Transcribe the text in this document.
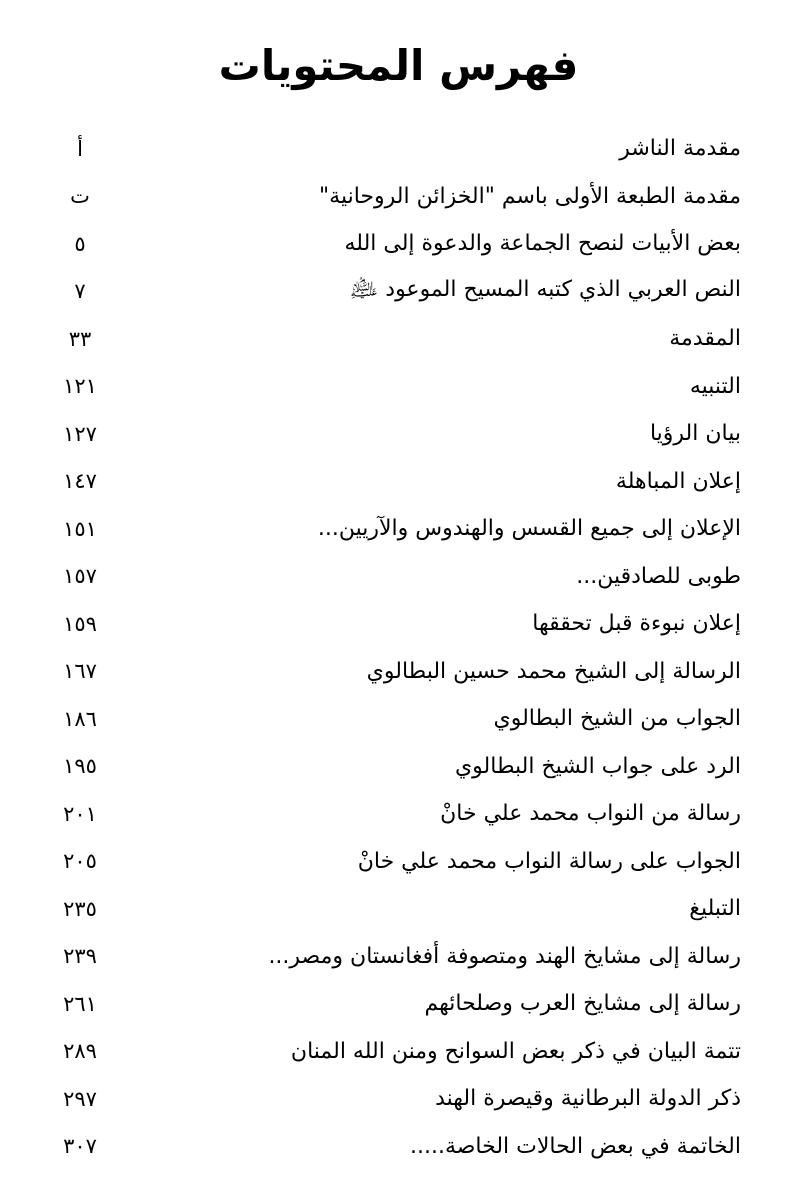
فهرس المحتويات
مقدمة الناشر
أ
مقدمة الطبعة الأولى باسم "الخزائن الروحانية"
ت
بعض الأبيات لنصح الجماعة والدعوة إلى الله
٥
النص العربي الذي كتبه المسيح الموعود ﵇
٧
المقدمة
٣٣
التنبيه
١٢١
بيان الرؤيا
١٢٧
إعلان المباهلة
١٤٧
الإعلان إلى جميع القسس والهندوس والآريين...
١٥١
طوبى للصادقين...
١٥٧
إعلان نبوءة قبل تحققها
١٥٩
الرسالة إلى الشيخ محمد حسين البطالوي
١٦٧
الجواب من الشيخ البطالوي
١٨٦
الرد على جواب الشيخ البطالوي
١٩٥
رسالة من النواب محمد علي خانْ
٢٠١
الجواب على رسالة النواب محمد علي خانْ
٢٠٥
التبليغ
٢٣٥
رسالة إلى مشايخ الهند ومتصوفة أفغانستان ومصر...
٢٣٩
رسالة إلى مشايخ العرب وصلحائهم
٢٦١
تتمة البيان في ذكر بعض السوانح ومنن الله المنان
٢٨٩
ذكر الدولة البرطانية وقيصرة الهند
٢٩٧
الخاتمة في بعض الحالات الخاصة.....
٣٠٧
